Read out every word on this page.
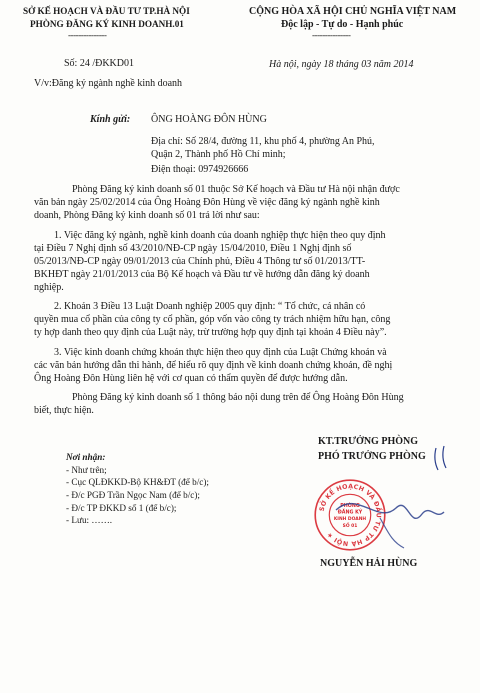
SỞ KẾ HOẠCH VÀ ĐẦU TƯ TP.HÀ NỘI
PHÒNG ĐĂNG KÝ KINH DOANH.01
---------------
CỘNG HÒA XÃ HỘI CHỦ NGHĨA VIỆT NAM
Độc lập - Tự do - Hạnh phúc
---------------
Số: 24 /ĐKKD01	Hà nội, ngày 18 tháng 03 năm 2014
V/v:Đăng ký ngành nghề kinh doanh
Kính gửi: ÔNG HOÀNG ĐÔN HÙNG
Địa chỉ: Số 28/4, đường 11, khu phố 4, phường An Phú,
Quận 2, Thành phố Hồ Chí minh;
Điện thoại: 0974926666
Phòng Đăng ký kinh doanh số 01 thuộc Sở Kế hoạch và Đầu tư Hà nội nhận được
văn bản ngày 25/02/2014 của Ông Hoàng Đôn Hùng về việc đăng ký ngành nghề kinh
doanh, Phòng Đăng ký kinh doanh số 01 trả lời như sau:
1. Việc đăng ký ngành, nghề kinh doanh của doanh nghiệp thực hiện theo quy định
tại Điều 7 Nghị định số 43/2010/NĐ-CP ngày 15/04/2010, Điều 1 Nghị định số
05/2013/NĐ-CP ngày 09/01/2013 của Chính phủ, Điều 4 Thông tư số 01/2013/TT-
BKHĐT ngày 21/01/2013 của Bộ Kế hoạch và Đầu tư về hướng dẫn đăng ký doanh
nghiệp.
2. Khoản 3 Điều 13 Luật Doanh nghiệp 2005 quy định: “ Tổ chức, cá nhân có
quyền mua cổ phần của công ty cổ phần, góp vốn vào công ty trách nhiệm hữu hạn, công
ty hợp danh theo quy định của Luật này, trừ trường hợp quy định tại khoản 4 Điều này”.
3. Việc kinh doanh chứng khoán thực hiện theo quy định của Luật Chứng khoán và
các văn bản hướng dẫn thi hành, để hiểu rõ quy định về kinh doanh chứng khoán, đề nghị
Ông Hoàng Đôn Hùng liên hệ với cơ quan có thẩm quyền để được hướng dẫn.
Phòng Đăng ký kinh doanh số 1 thông báo nội dung trên để Ông Hoàng Đôn Hùng
biết, thực hiện.
Nơi nhận:
- Như trên;
- Cục QLĐKKD-Bộ KH&ĐT (để b/c);
- Đ/c PGĐ Trần Ngọc Nam (để b/c);
- Đ/c TP ĐKKD số 1 (để b/c);
- Lưu: …….
KT.TRƯỞNG PHÒNG
PHÓ TRƯỞNG PHÒNG
SỞ KẾ HOẠCH VÀ ĐẦU TƯ TP HÀ NỘI ★
PHÒNG
ĐĂNG KÝ
KINH DOANH
SỐ 01
NGUYỄN HẢI HÙNG
